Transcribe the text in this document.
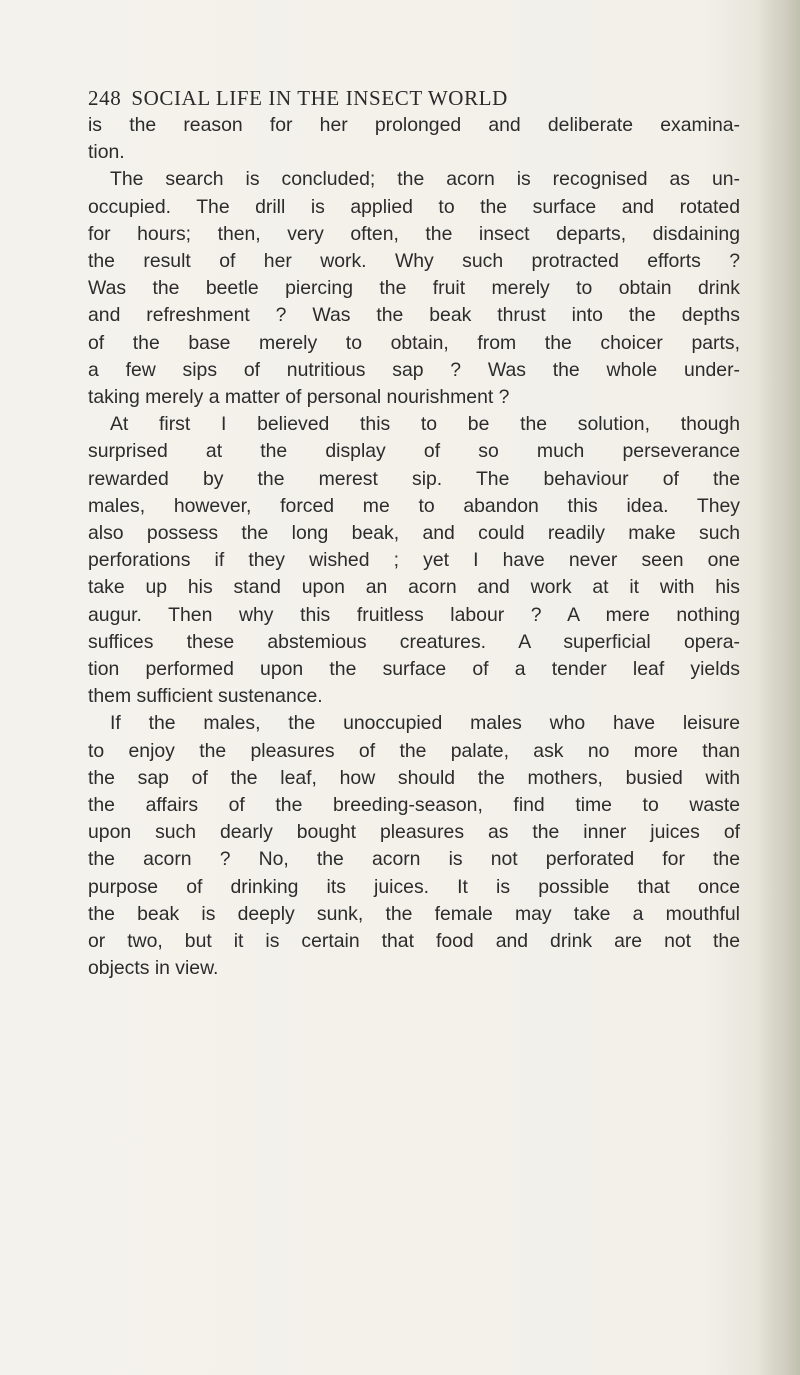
248 SOCIAL LIFE IN THE INSECT WORLD
is the reason for her prolonged and deliberate examina-
tion.
The search is concluded; the acorn is recognised as un-
occupied. The drill is applied to the surface and rotated
for hours; then, very often, the insect departs, disdaining
the result of her work. Why such protracted efforts ?
Was the beetle piercing the fruit merely to obtain drink
and refreshment ? Was the beak thrust into the depths
of the base merely to obtain, from the choicer parts,
a few sips of nutritious sap ? Was the whole under-
taking merely a matter of personal nourishment ?
At first I believed this to be the solution, though
surprised at the display of so much perseverance
rewarded by the merest sip. The behaviour of the
males, however, forced me to abandon this idea. They
also possess the long beak, and could readily make such
perforations if they wished ; yet I have never seen one
take up his stand upon an acorn and work at it with his
augur. Then why this fruitless labour ? A mere nothing
suffices these abstemious creatures. A superficial opera-
tion performed upon the surface of a tender leaf yields
them sufficient sustenance.
If the males, the unoccupied males who have leisure
to enjoy the pleasures of the palate, ask no more than
the sap of the leaf, how should the mothers, busied with
the affairs of the breeding-season, find time to waste
upon such dearly bought pleasures as the inner juices of
the acorn ? No, the acorn is not perforated for the
purpose of drinking its juices. It is possible that once
the beak is deeply sunk, the female may take a mouthful
or two, but it is certain that food and drink are not the
objects in view.
